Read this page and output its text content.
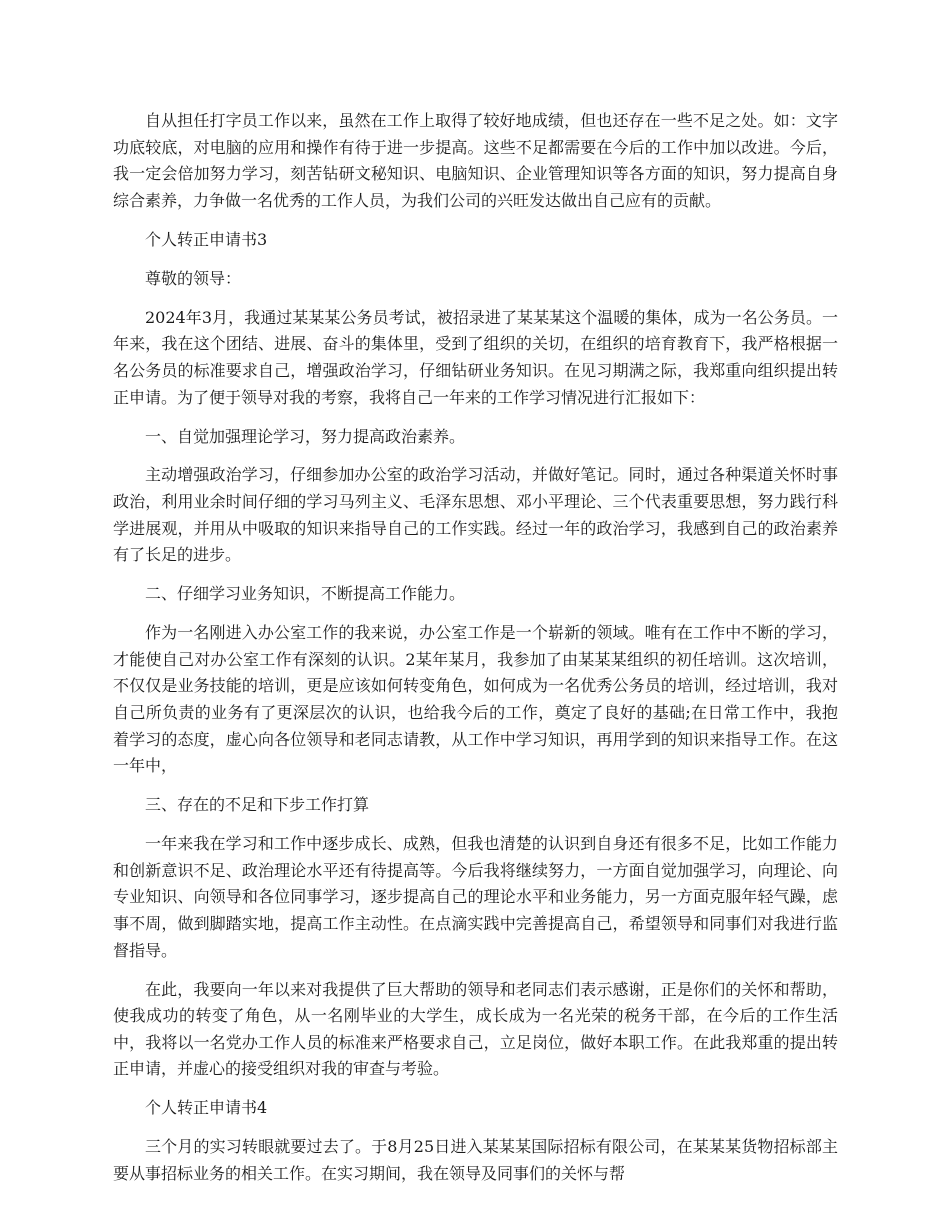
自从担任打字员工作以来，虽然在工作上取得了较好地成绩，但也还存在一些不足之处。如：文字功底较底，对电脑的应用和操作有待于进一步提高。这些不足都需要在今后的工作中加以改进。今后，我一定会倍加努力学习，刻苦钻研文秘知识、电脑知识、企业管理知识等各方面的知识，努力提高自身综合素养，力争做一名优秀的工作人员，为我们公司的兴旺发达做出自己应有的贡献。

个人转正申请书3

尊敬的领导：

2024年3月，我通过某某某公务员考试，被招录进了某某某这个温暖的集体，成为一名公务员。一年来，我在这个团结、进展、奋斗的集体里，受到了组织的关切，在组织的培育教育下，我严格根据一名公务员的标准要求自己，增强政治学习，仔细钻研业务知识。在见习期满之际，我郑重向组织提出转正申请。为了便于领导对我的考察，我将自己一年来的工作学习情况进行汇报如下：

一、自觉加强理论学习，努力提高政治素养。

主动增强政治学习，仔细参加办公室的政治学习活动，并做好笔记。同时，通过各种渠道关怀时事政治，利用业余时间仔细的学习马列主义、毛泽东思想、邓小平理论、三个代表重要思想，努力践行科学进展观，并用从中吸取的知识来指导自己的工作实践。经过一年的政治学习，我感到自己的政治素养有了长足的进步。

二、仔细学习业务知识，不断提高工作能力。

作为一名刚进入办公室工作的我来说，办公室工作是一个崭新的领域。唯有在工作中不断的学习，才能使自己对办公室工作有深刻的认识。2某年某月，我参加了由某某某组织的初任培训。这次培训，不仅仅是业务技能的培训，更是应该如何转变角色，如何成为一名优秀公务员的培训，经过培训，我对自己所负责的业务有了更深层次的认识，也给我今后的工作，奠定了良好的基础;在日常工作中，我抱着学习的态度，虚心向各位领导和老同志请教，从工作中学习知识，再用学到的知识来指导工作。在这一年中，

三、存在的不足和下步工作打算

一年来我在学习和工作中逐步成长、成熟，但我也清楚的认识到自身还有很多不足，比如工作能力和创新意识不足、政治理论水平还有待提高等。今后我将继续努力，一方面自觉加强学习，向理论、向专业知识、向领导和各位同事学习，逐步提高自己的理论水平和业务能力，另一方面克服年轻气躁，虑事不周，做到脚踏实地，提高工作主动性。在点滴实践中完善提高自己，希望领导和同事们对我进行监督指导。

在此，我要向一年以来对我提供了巨大帮助的领导和老同志们表示感谢，正是你们的关怀和帮助，使我成功的转变了角色，从一名刚毕业的大学生，成长成为一名光荣的税务干部，在今后的工作生活中，我将以一名党办工作人员的标准来严格要求自己，立足岗位，做好本职工作。在此我郑重的提出转正申请，并虚心的接受组织对我的审查与考验。

个人转正申请书4

三个月的实习转眼就要过去了。于8月25日进入某某某国际招标有限公司，在某某某货物招标部主要从事招标业务的相关工作。在实习期间，我在领导及同事们的关怀与帮
